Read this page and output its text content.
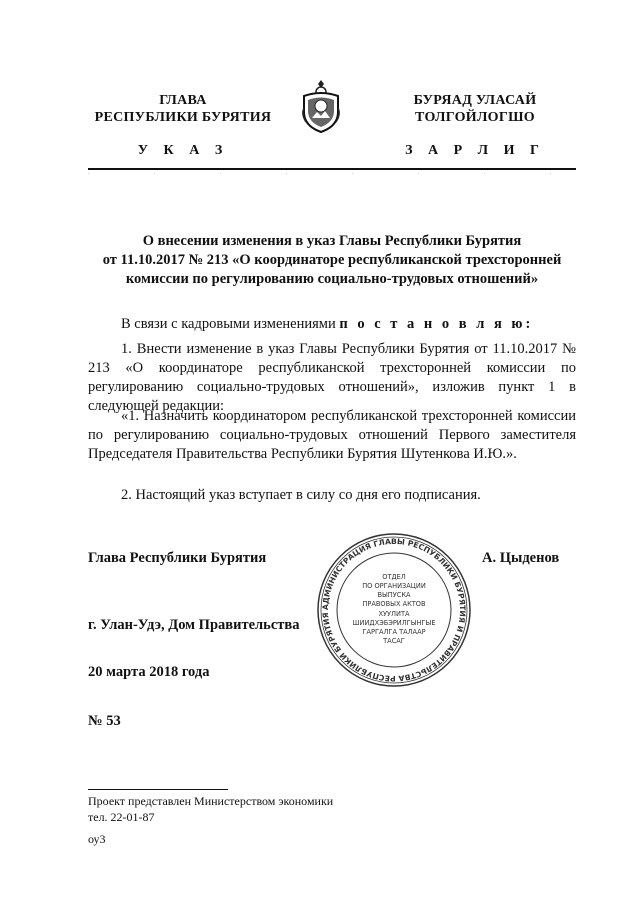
ГЛАВА
РЕСПУБЛИКИ БУРЯТИЯ
БУРЯАД УЛАСАЙ
ТОЛГОЙЛОГШО
У К А З	З А Р Л И Г
О внесении изменения в указ Главы Республики Бурятия
от 11.10.2017 № 213 «О координаторе республиканской трехсторонней
комиссии по регулированию социально-трудовых отношений»
В связи с кадровыми изменениями п о с т а н о в л я ю:
1. Внести изменение в указ Главы Республики Бурятия от 11.10.2017 № 213 «О координаторе республиканской трехсторонней комиссии по регулированию социально-трудовых отношений», изложив пункт 1 в следующей редакции:
«1. Назначить координатором республиканской трехсторонней комиссии по регулированию социально-трудовых отношений Первого заместителя Председателя Правительства Республики Бурятия Шутенкова И.Ю.».
2. Настоящий указ вступает в силу со дня его подписания.
Глава Республики Бурятия	А. Цыденов
г. Улан-Удэ, Дом Правительства
20 марта 2018 года
№ 53
АДМИНИСТРАЦИЯ ГЛАВЫ РЕСПУБЛИКИ БУРЯТИЯ И ПРАВИТЕЛЬСТВА РЕСПУБЛИКИ БУРЯТИЯ
ОТДЕЛ
ПО ОРГАНИЗАЦИИ
ВЫПУСКА
ПРАВОВЫХ АКТОВ
ХУУЛИТА
ШИИДХЭБЭРИЛГЫНГЫЕ
ГАРГАЛГА ТАЛААР
ТАСАГ
Проект представлен Министерством экономики
тел. 22-01-87
оу3
